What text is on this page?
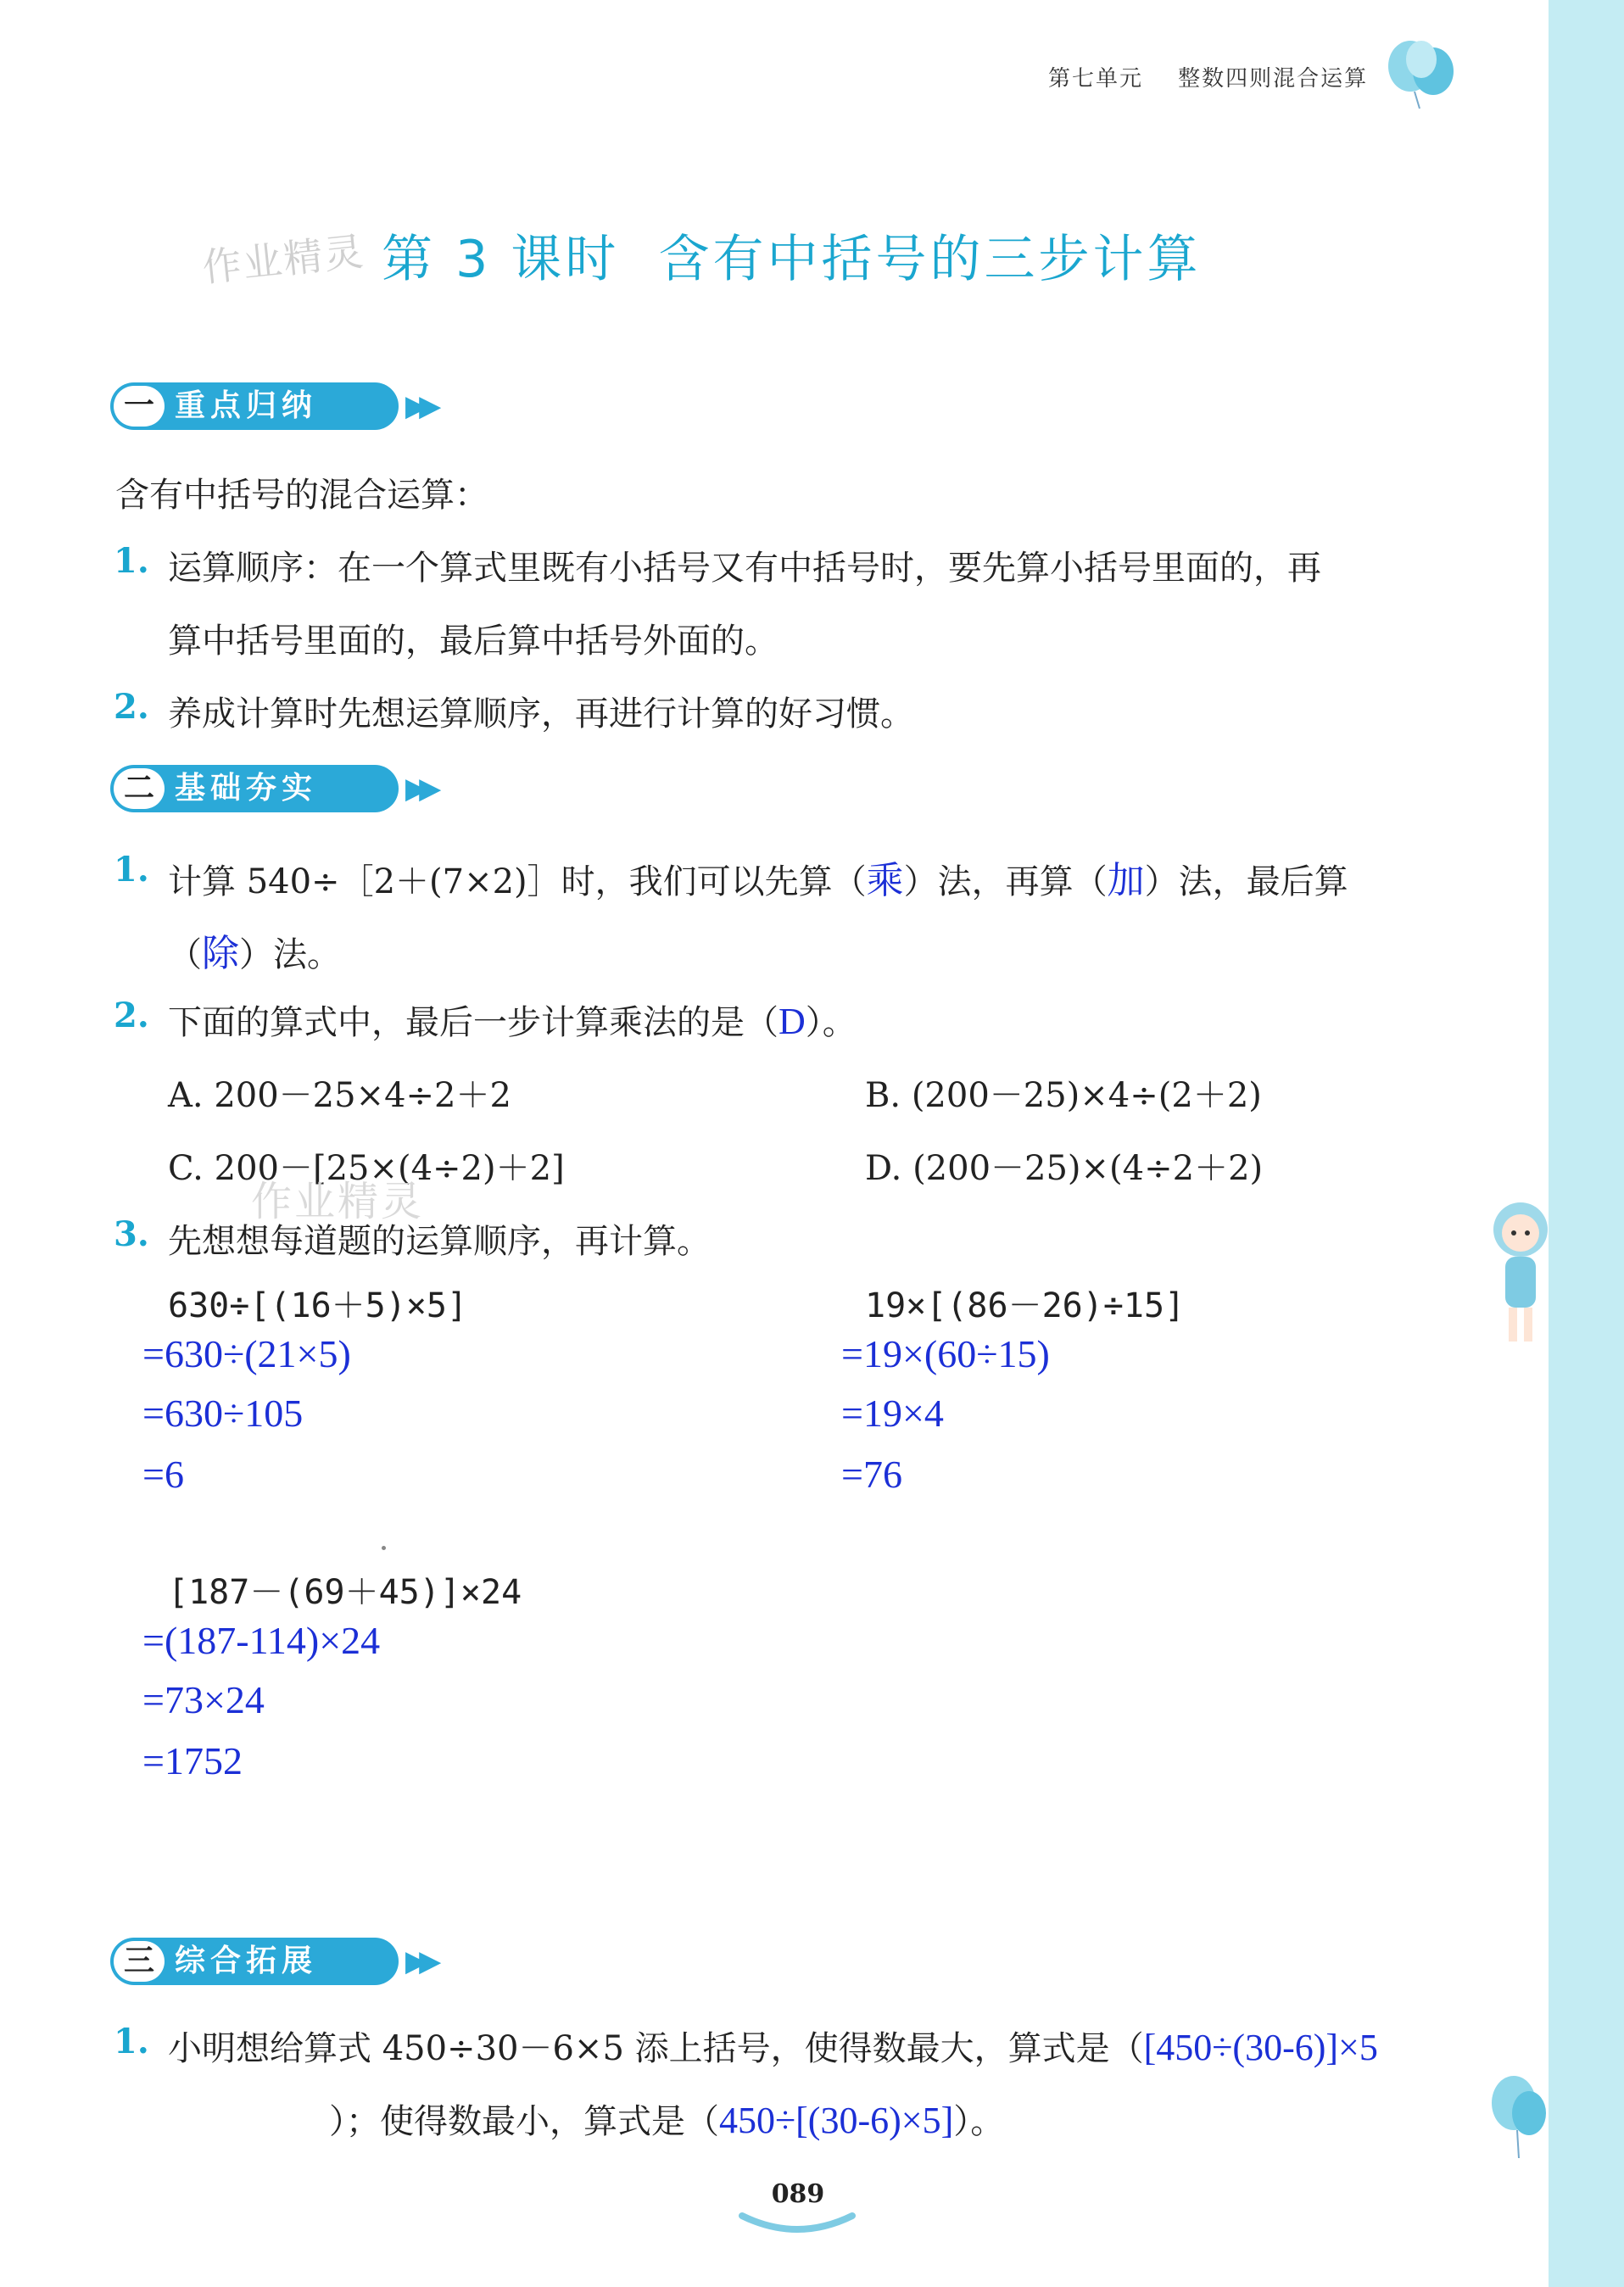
第七单元 整数四则混合运算
作业精灵 第 3 课时  含有中括号的三步计算
一 重点归纳	▶▶
含有中括号的混合运算：
1. 运算顺序：在一个算式里既有小括号又有中括号时，要先算小括号里面的，再
算中括号里面的，最后算中括号外面的。
2. 养成计算时先想运算顺序，再进行计算的好习惯。
二 基础夯实	▶▶
1. 计算 540÷［2＋(7×2)］时，我们可以先算（乘）法，再算（加）法，最后算
（除）法。
2. 下面的算式中，最后一步计算乘法的是（D）。
A. 200－25×4÷2＋2	B. (200－25)×4÷(2＋2)
C. 200－[25×(4÷2)＋2]	D. (200－25)×(4÷2＋2)
作业精灵
3. 先想想每道题的运算顺序，再计算。
630÷[(16＋5)×5]
=630÷(21×5)
=630÷105
=6
19×[(86－26)÷15]
=19×(60÷15)
=19×4
=76
[187－(69＋45)]×24
=(187-114)×24
=73×24
=1752
三 综合拓展	▶▶
1. 小明想给算式 450÷30－6×5 添上括号，使得数最大，算式是（[450÷(30-6)]×5
）；使得数最小，算式是（450÷[(30-6)×5]）。
089
